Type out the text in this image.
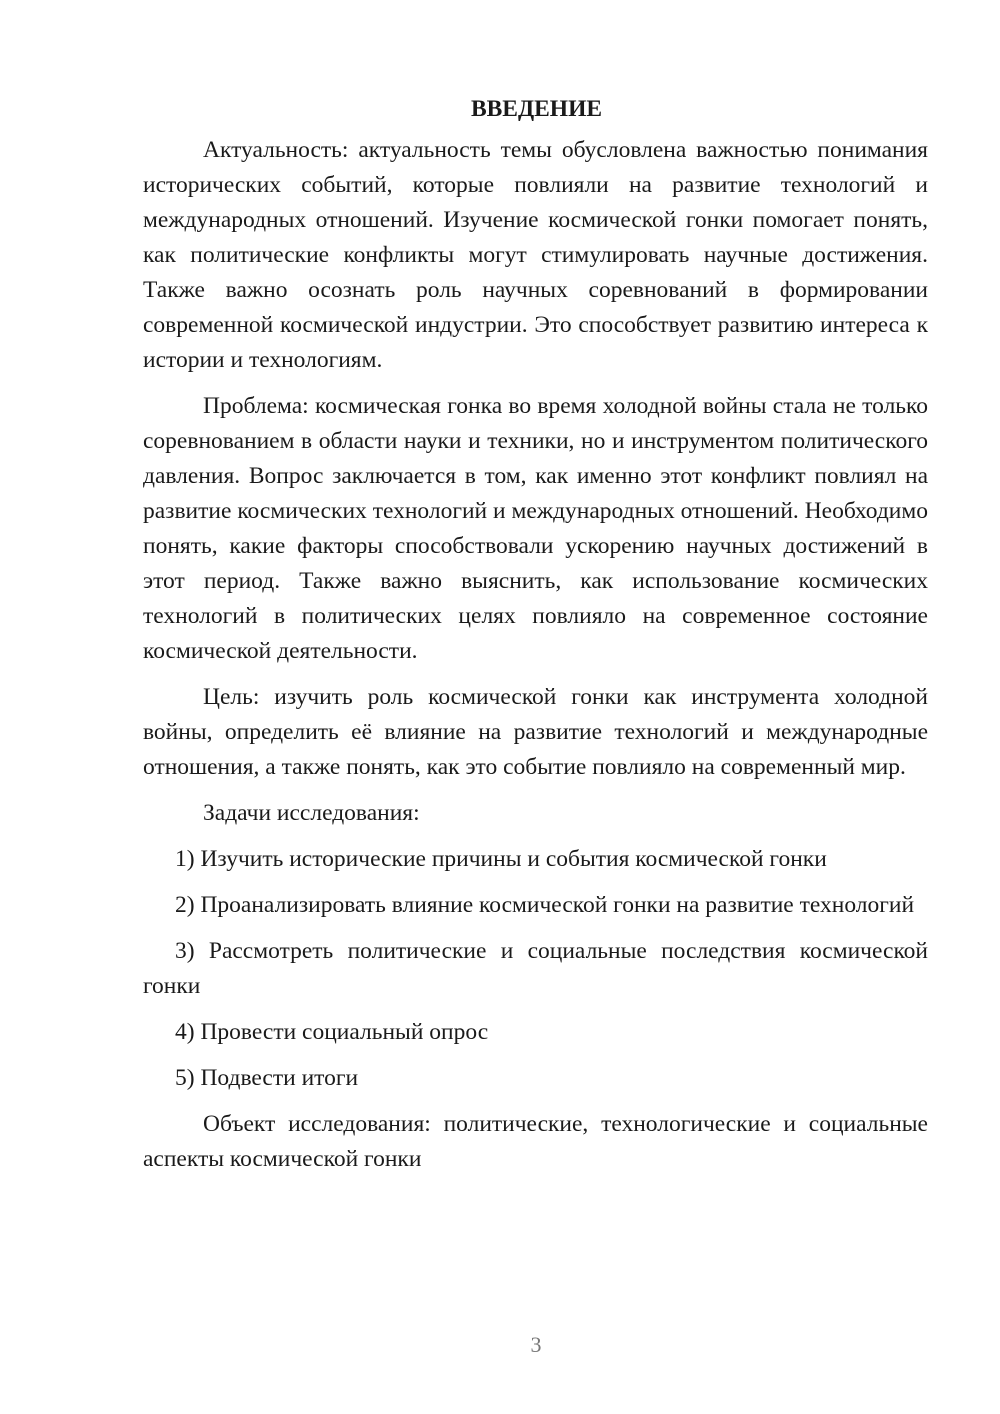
ВВЕДЕНИЕ

Актуальность: актуальность темы обусловлена важностью понимания исторических событий, которые повлияли на развитие технологий и международных отношений. Изучение космической гонки помогает понять, как политические конфликты могут стимулировать научные достижения. Также важно осознать роль научных соревнований в формировании современной космической индустрии. Это способствует развитию интереса к истории и технологиям.

Проблема: космическая гонка во время холодной войны стала не только соревнованием в области науки и техники, но и инструментом политического давления. Вопрос заключается в том, как именно этот конфликт повлиял на развитие космических технологий и международных отношений. Необходимо понять, какие факторы способствовали ускорению научных достижений в этот период. Также важно выяснить, как использование космических технологий в политических целях повлияло на современное состояние космической деятельности.

Цель: изучить роль космической гонки как инструмента холодной войны, определить её влияние на развитие технологий и международные отношения, а также понять, как это событие повлияло на современный мир.

Задачи исследования:

1) Изучить исторические причины и события космической гонки

2) Проанализировать влияние космической гонки на развитие технологий

3) Рассмотреть политические и социальные последствия космической гонки

4) Провести социальный опрос

5) Подвести итоги

Объект исследования: политические, технологические и социальные аспекты космической гонки

3
